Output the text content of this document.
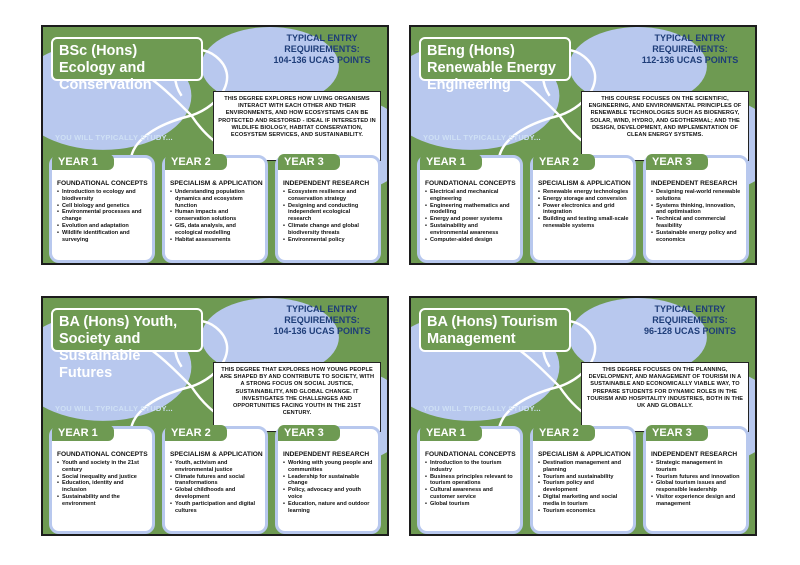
BSc (Hons) Ecology and Conservation
TYPICAL ENTRY REQUIREMENTS:
104-136 UCAS POINTS
THIS DEGREE EXPLORES HOW LIVING ORGANISMS INTERACT WITH EACH OTHER AND THEIR ENVIRONMENTS, AND HOW ECOSYSTEMS CAN BE PROTECTED AND RESTORED - IDEAL IF INTERESTED IN WILDLIFE BIOLOGY, HABITAT CONSERVATION, ECOSYSTEM SERVICES, AND SUSTAINABILITY.
YOU WILL TYPICALLY STUDY...
YEAR 1
FOUNDATIONAL CONCEPTS
• Introduction to ecology and biodiversity
• Cell biology and genetics
• Environmental processes and change
• Evolution and adaptation
• Wildlife identification and surveying
YEAR 2
SPECIALISM & APPLICATION
• Understanding population dynamics and ecosystem function
• Human impacts and conservation solutions
• GIS, data analysis, and ecological modelling
• Habitat assessments
YEAR 3
INDEPENDENT RESEARCH
• Ecosystem resilience and conservation strategy
• Designing and conducting independent ecological research
• Climate change and global biodiversity threats
• Environmental policy
BEng (Hons) Renewable Energy Engineering
TYPICAL ENTRY REQUIREMENTS:
112-136 UCAS POINTS
THIS COURSE FOCUSES ON THE SCIENTIFIC, ENGINEERING, AND ENVIRONMENTAL PRINCIPLES OF RENEWABLE TECHNOLOGIES SUCH AS BIOENERGY, SOLAR, WIND, HYDRO, AND GEOTHERMAL; AND THE DESIGN, DEVELOPMENT, AND IMPLEMENTATION OF CLEAN ENERGY SYSTEMS.
YOU WILL TYPICALLY STUDY...
YEAR 1
FOUNDATIONAL CONCEPTS
• Electrical and mechanical engineering
• Engineering mathematics and modelling
• Energy and power systems
• Sustainability and environmental awareness
• Computer-aided design
YEAR 2
SPECIALISM & APPLICATION
• Renewable energy technologies
• Energy storage and conversion
• Power electronics and grid integration
• Building and testing small-scale renewable systems
YEAR 3
INDEPENDENT RESEARCH
• Designing real-world renewable solutions
• Systems thinking, innovation, and optimisation
• Technical and commercial feasibility
• Sustainable energy policy and economics
BA (Hons) Youth, Society and Sustainable Futures
TYPICAL ENTRY REQUIREMENTS:
104-136 UCAS POINTS
THIS DEGREE THAT EXPLORES HOW YOUNG PEOPLE ARE SHAPED BY AND CONTRIBUTE TO SOCIETY, WITH A STRONG FOCUS ON SOCIAL JUSTICE, SUSTAINABILITY, AND GLOBAL CHANGE. IT INVESTIGATES THE CHALLENGES AND OPPORTUNITIES FACING YOUTH IN THE 21ST CENTURY.
YOU WILL TYPICALLY STUDY...
YEAR 1
FOUNDATIONAL CONCEPTS
• Youth and society in the 21st century
• Social inequality and justice
• Education, identity and inclusion
• Sustainability and the environment
YEAR 2
SPECIALISM & APPLICATION
• Youth, activism and environmental justice
• Climate futures and social transformations
• Global childhoods and development
• Youth participation and digital cultures
YEAR 3
INDEPENDENT RESEARCH
• Working with young people and communities
• Leadership for sustainable change
• Policy, advocacy and youth voice
• Education, nature and outdoor learning
BA (Hons) Tourism Management
TYPICAL ENTRY REQUIREMENTS:
96-128 UCAS POINTS
THIS DEGREE FOCUSES ON THE PLANNING, DEVELOPMENT, AND MANAGEMENT OF TOURISM IN A SUSTAINABLE AND ECONOMICALLY VIABLE WAY, TO PREPARE STUDENTS FOR DYNAMIC ROLES IN THE TOURISM AND HOSPITALITY INDUSTRIES, BOTH IN THE UK AND GLOBALLY.
YOU WILL TYPICALLY STUDY...
YEAR 1
FOUNDATIONAL CONCEPTS
• Introduction to the tourism industry
• Business principles relevant to tourism operations
• Cultural awareness and customer service
• Global tourism
YEAR 2
SPECIALISM & APPLICATION
• Destination management and planning
• Tourism and sustainability
• Tourism policy and development
• Digital marketing and social media in tourism
• Tourism economics
YEAR 3
INDEPENDENT RESEARCH
• Strategic management in tourism
• Tourism futures and innovation
• Global tourism issues and responsible leadership
• Visitor experience design and management
